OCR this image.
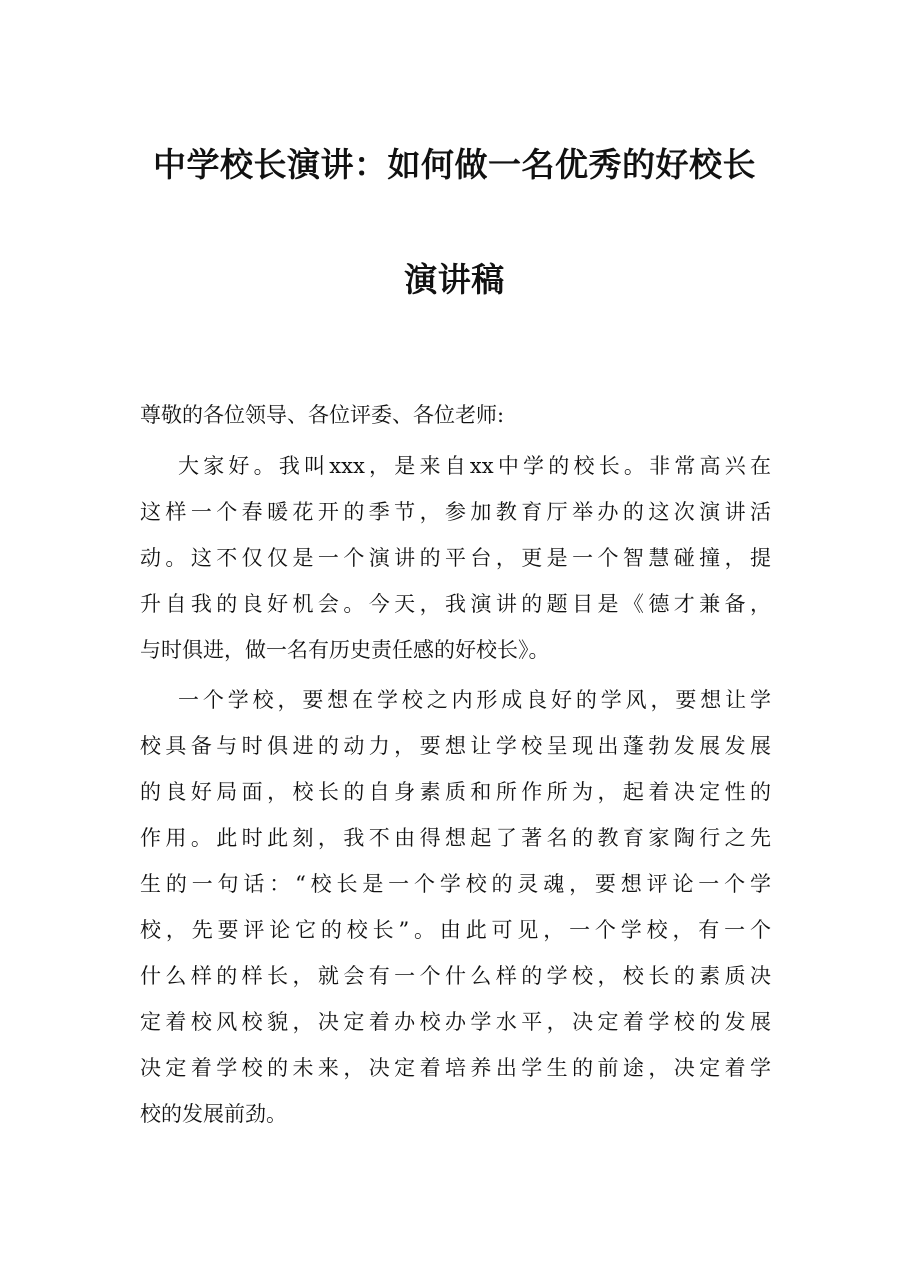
中学校长演讲：如何做一名优秀的好校长
演讲稿
尊敬的各位领导、各位评委、各位老师:
大家好。我叫xxx，是来自xx中学的校长。非常高兴在
这样一个春暖花开的季节，参加教育厅举办的这次演讲活
动。这不仅仅是一个演讲的平台，更是一个智慧碰撞，提
升自我的良好机会。今天，我演讲的题目是《德才兼备，
与时俱进，做一名有历史责任感的好校长》。
一个学校，要想在学校之内形成良好的学风，要想让学
校具备与时俱进的动力，要想让学校呈现出蓬勃发展发展
的良好局面，校长的自身素质和所作所为，起着决定性的
作用。此时此刻，我不由得想起了著名的教育家陶行之先
生的一句话：“校长是一个学校的灵魂，要想评论一个学
校，先要评论它的校长”。由此可见，一个学校，有一个
什么样的样长，就会有一个什么样的学校，校长的素质决
定着校风校貌，决定着办校办学水平，决定着学校的发展
决定着学校的未来，决定着培养出学生的前途，决定着学
校的发展前劲。
